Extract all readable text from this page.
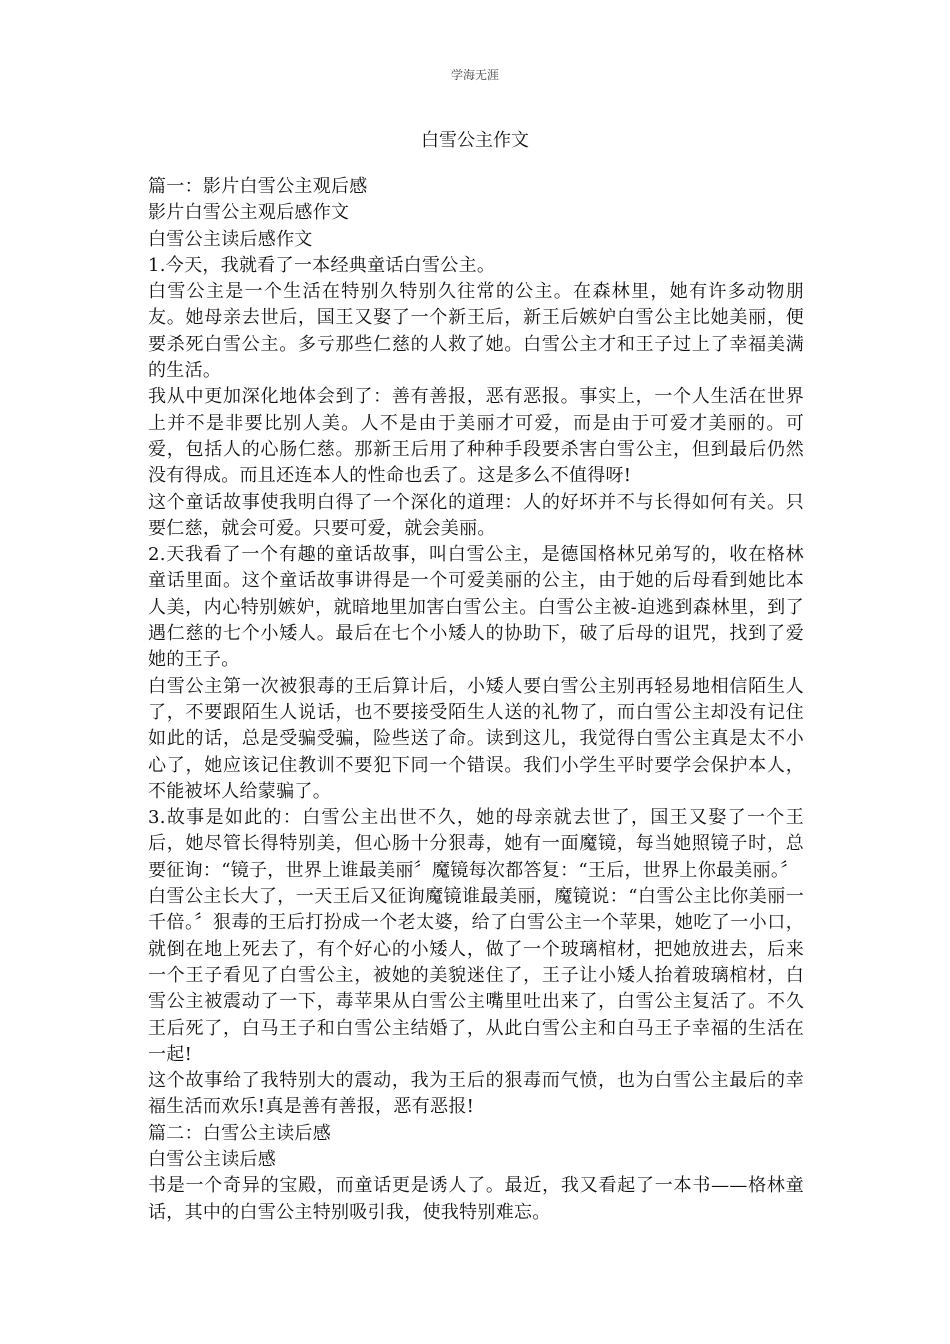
学海无涯
白雪公主作文

篇一：影片白雪公主观后感

影片白雪公主观后感作文

白雪公主读后感作文

1.今天，我就看了一本经典童话白雪公主。

白雪公主是一个生活在特别久特别久往常的公主。在森林里，她有许多动物朋友。她母亲去世后，国王又娶了一个新王后，新王后嫉妒白雪公主比她美丽，便要杀死白雪公主。多亏那些仁慈的人救了她。白雪公主才和王子过上了幸福美满的生活。

我从中更加深化地体会到了：善有善报，恶有恶报。事实上，一个人生活在世界上并不是非要比别人美。人不是由于美丽才可爱，而是由于可爱才美丽的。可爱，包括人的心肠仁慈。那新王后用了种种手段要杀害白雪公主，但到最后仍然没有得成。而且还连本人的性命也丢了。这是多么不值得呀!

这个童话故事使我明白得了一个深化的道理：人的好坏并不与长得如何有关。只要仁慈，就会可爱。只要可爱，就会美丽。

2.天我看了一个有趣的童话故事，叫白雪公主，是德国格林兄弟写的，收在格林童话里面。这个童话故事讲得是一个可爱美丽的公主，由于她的后母看到她比本人美，内心特别嫉妒，就暗地里加害白雪公主。白雪公主被-迫逃到森林里，到了遇仁慈的七个小矮人。最后在七个小矮人的协助下，破了后母的诅咒，找到了爱她的王子。

白雪公主第一次被狠毒的王后算计后，小矮人要白雪公主别再轻易地相信陌生人了，不要跟陌生人说话，也不要接受陌生人送的礼物了，而白雪公主却没有记住如此的话，总是受骗受骗，险些送了命。读到这儿，我觉得白雪公主真是太不小心了，她应该记住教训不要犯下同一个错误。我们小学生平时要学会保护本人，不能被坏人给蒙骗了。

3.故事是如此的：白雪公主出世不久，她的母亲就去世了，国王又娶了一个王后，她尽管长得特别美，但心肠十分狠毒，她有一面魔镜，每当她照镜子时，总要征询：“镜子，世界上谁最美丽〞魔镜每次都答复：“王后，世界上你最美丽。〞

白雪公主长大了，一天王后又征询魔镜谁最美丽，魔镜说：“白雪公主比你美丽一千倍。〞狠毒的王后打扮成一个老太婆，给了白雪公主一个苹果，她吃了一小口，就倒在地上死去了，有个好心的小矮人，做了一个玻璃棺材，把她放进去，后来一个王子看见了白雪公主，被她的美貌迷住了，王子让小矮人抬着玻璃棺材，白雪公主被震动了一下，毒苹果从白雪公主嘴里吐出来了，白雪公主复活了。不久王后死了，白马王子和白雪公主结婚了，从此白雪公主和白马王子幸福的生活在一起!

这个故事给了我特别大的震动，我为王后的狠毒而气愤，也为白雪公主最后的幸福生活而欢乐!真是善有善报，恶有恶报!

篇二：白雪公主读后感

白雪公主读后感

书是一个奇异的宝殿，而童话更是诱人了。最近，我又看起了一本书——格林童话，其中的白雪公主特别吸引我，使我特别难忘。
